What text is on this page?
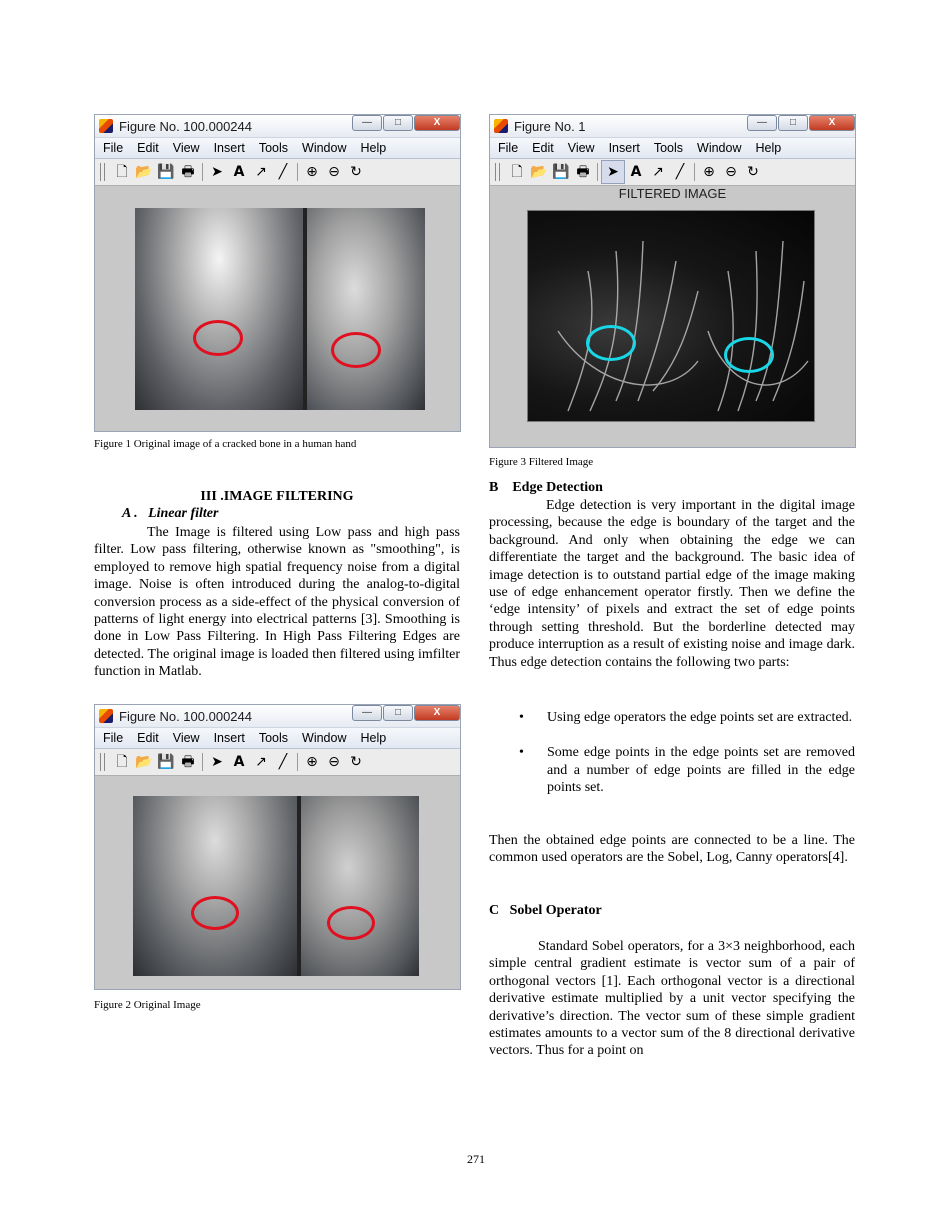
Figure No. 100.000244	—	□	X
File Edit View Insert Tools Window Help
🗋 📂 💾 🖶	➤ A ↗ ╱	⊕ ⊖ ↻
Figure 1 Original image of a cracked bone in a human hand
Figure No. 1	—	□	X
File Edit View Insert Tools Window Help
🗋 📂 💾 🖶	➤ A ↗ ╱	⊕ ⊖ ↻
FILTERED IMAGE
Figure 3 Filtered Image
III .IMAGE FILTERING
A .   Linear filter

The Image is filtered using Low pass and high pass filter. Low pass filtering, otherwise known as "smoothing", is employed to remove high spatial frequency noise from a digital image. Noise is often introduced during the analog-to-digital conversion process as a side-effect of the physical conversion of patterns of light energy into electrical patterns [3]. Smoothing is done in Low Pass Filtering. In High Pass Filtering Edges are detected. The original image is loaded then filtered using imfilter function in Matlab.

Figure No. 100.000244	—	□	X
File Edit View Insert Tools Window Help
🗋 📂 💾 🖶	➤ A ↗ ╱	⊕ ⊖ ↻
Figure 2 Original Image
B    Edge Detection

Edge detection is very important in the digital image processing, because the edge is boundary of the target and the background. And only when obtaining the edge we can differentiate the target and the background. The basic idea of image detection is to outstand partial edge of the image making use of edge enhancement operator firstly. Then we define the ‘edge intensity’ of pixels and extract the set of edge points through setting threshold. But the borderline detected may produce interruption as a result of existing noise and image dark. Thus edge detection contains the following two parts:

• Using edge operators the edge points set are extracted.
• Some edge points in the edge points set are removed and a number of edge points are filled in the edge points set.

Then the obtained edge points are connected to be a line. The common used operators are the Sobel, Log, Canny operators[4].

C   Sobel Operator

Standard Sobel operators, for a 3×3 neighborhood, each simple central gradient estimate is vector sum of a pair of orthogonal vectors [1]. Each orthogonal vector is a directional derivative estimate multiplied by a unit vector specifying the derivative’s direction. The vector sum of these simple gradient estimates amounts to a vector sum of the 8 directional derivative vectors. Thus for a point on

271
